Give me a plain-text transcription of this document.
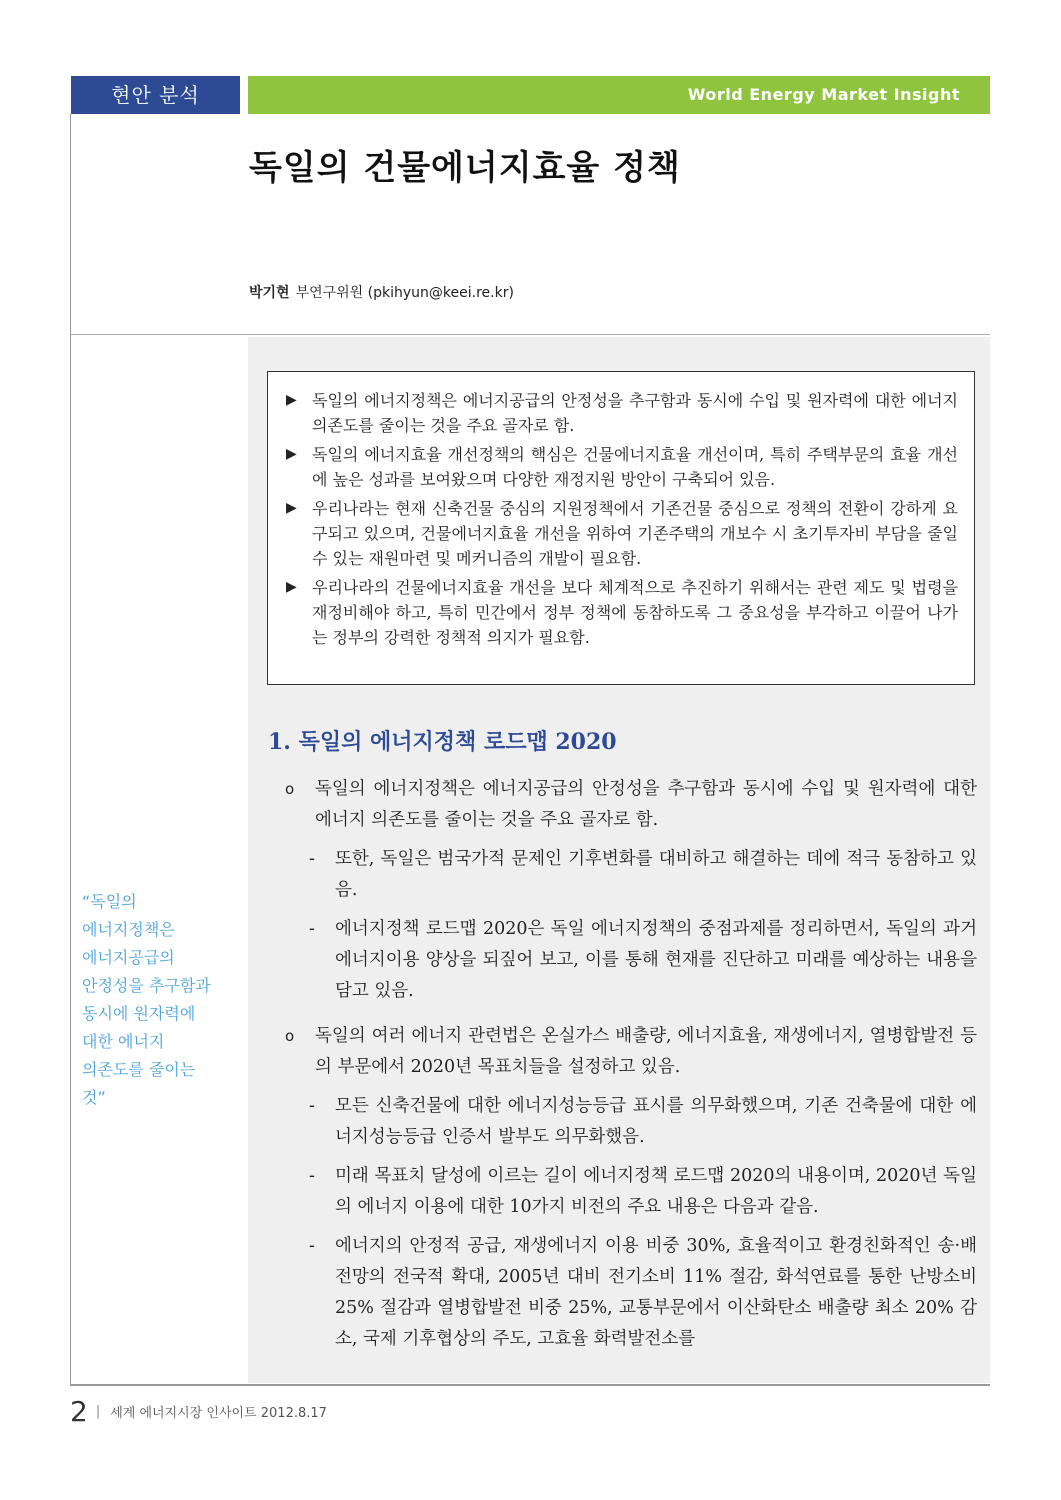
현안 분석	World Energy Market Insight
독일의 건물에너지효율 정책
박기현 부연구위원 (pkihyun@keei.re.kr)
▶ 독일의 에너지정책은 에너지공급의 안정성을 추구함과 동시에 수입 및 원자력에 대한 에너지 의존도를 줄이는 것을 주요 골자로 함.
▶ 독일의 에너지효율 개선정책의 핵심은 건물에너지효율 개선이며, 특히 주택부문의 효율 개선에 높은 성과를 보여왔으며 다양한 재정지원 방안이 구축되어 있음.
▶ 우리나라는 현재 신축건물 중심의 지원정책에서 기존건물 중심으로 정책의 전환이 강하게 요구되고 있으며, 건물에너지효율 개선을 위하여 기존주택의 개보수 시 초기투자비 부담을 줄일 수 있는 재원마련 및 메커니즘의 개발이 필요함.
▶ 우리나라의 건물에너지효율 개선을 보다 체계적으로 추진하기 위해서는 관련 제도 및 법령을 재정비해야 하고, 특히 민간에서 정부 정책에 동참하도록 그 중요성을 부각하고 이끌어 나가는 정부의 강력한 정책적 의지가 필요함.
1. 독일의 에너지정책 로드맵 2020
o	독일의 에너지정책은 에너지공급의 안정성을 추구함과 동시에 수입 및 원자력에 대한 에너지 의존도를 줄이는 것을 주요 골자로 함.
-	또한, 독일은 범국가적 문제인 기후변화를 대비하고 해결하는 데에 적극 동참하고 있음.
-	에너지정책 로드맵 2020은 독일 에너지정책의 중점과제를 정리하면서, 독일의 과거 에너지이용 양상을 되짚어 보고, 이를 통해 현재를 진단하고 미래를 예상하는 내용을 담고 있음.
o	독일의 여러 에너지 관련법은 온실가스 배출량, 에너지효율, 재생에너지, 열병합발전 등의 부문에서 2020년 목표치들을 설정하고 있음.
-	모든 신축건물에 대한 에너지성능등급 표시를 의무화했으며, 기존 건축물에 대한 에너지성능등급 인증서 발부도 의무화했음.
-	미래 목표치 달성에 이르는 길이 에너지정책 로드맵 2020의 내용이며, 2020년 독일의 에너지 이용에 대한 10가지 비전의 주요 내용은 다음과 같음.
-	에너지의 안정적 공급, 재생에너지 이용 비중 30%, 효율적이고 환경친화적인 송·배전망의 전국적 확대, 2005년 대비 전기소비 11% 절감, 화석연료를 통한 난방소비 25% 절감과 열병합발전 비중 25%, 교통부문에서 이산화탄소 배출량 최소 20% 감소, 국제 기후협상의 주도, 고효율 화력발전소를
“독일의
에너지정책은
에너지공급의
안정성을 추구함과
동시에 원자력에
대한 에너지
의존도를 줄이는
것”
2 | 세계 에너지시장 인사이트 2012.8.17
